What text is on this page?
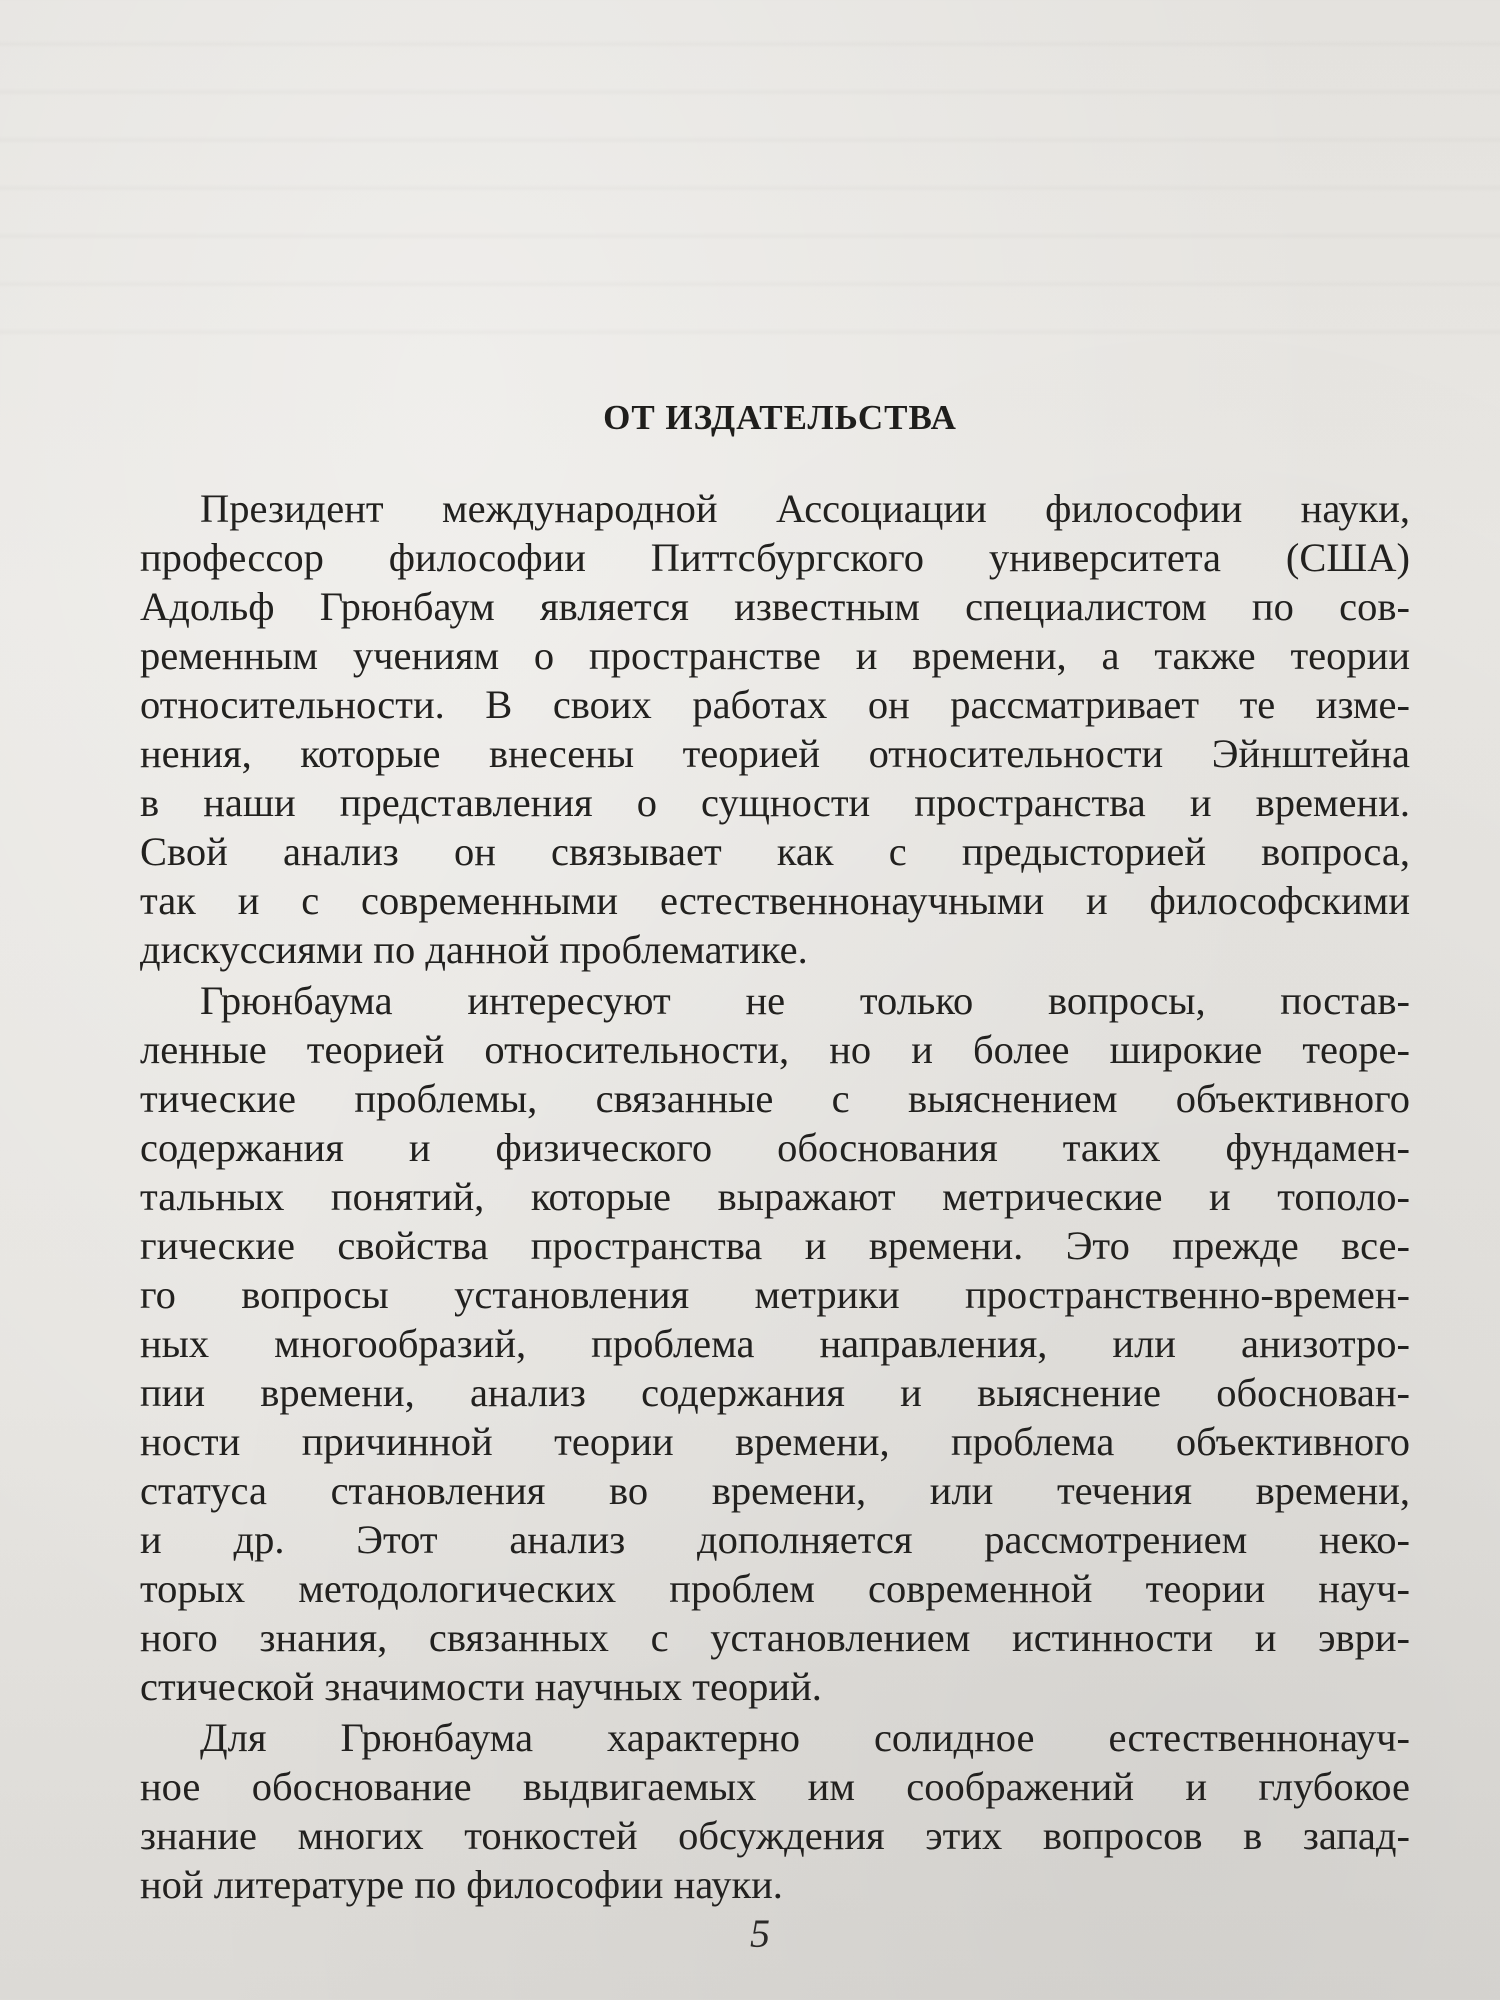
ОТ ИЗДАТЕЛЬСТВА
Президент международной Ассоциации философии науки,
профессор философии Питтсбургского университета (США)
Адольф Грюнбаум является известным специалистом по сов-
ременным учениям о пространстве и времени, а также теории
относительности. В своих работах он рассматривает те изме-
нения, которые внесены теорией относительности Эйнштейна
в наши представления о сущности пространства и времени.
Свой анализ он связывает как с предысторией вопроса,
так и с современными естественнонаучными и философскими
дискуссиями по данной проблематике.
Грюнбаума интересуют не только вопросы, постав-
ленные теорией относительности, но и более широкие теоре-
тические проблемы, связанные с выяснением объективного
содержания и физического обоснования таких фундамен-
тальных понятий, которые выражают метрические и тополо-
гические свойства пространства и времени. Это прежде все-
го вопросы установления метрики пространственно-времен-
ных многообразий, проблема направления, или анизотро-
пии времени, анализ содержания и выяснение обоснован-
ности причинной теории времени, проблема объективного
статуса становления во времени, или течения времени,
и др. Этот анализ дополняется рассмотрением неко-
торых методологических проблем современной теории науч-
ного знания, связанных с установлением истинности и эври-
стической значимости научных теорий.
Для Грюнбаума характерно солидное естественнонауч-
ное обоснование выдвигаемых им соображений и глубокое
знание многих тонкостей обсуждения этих вопросов в запад-
ной литературе по философии науки.
5
